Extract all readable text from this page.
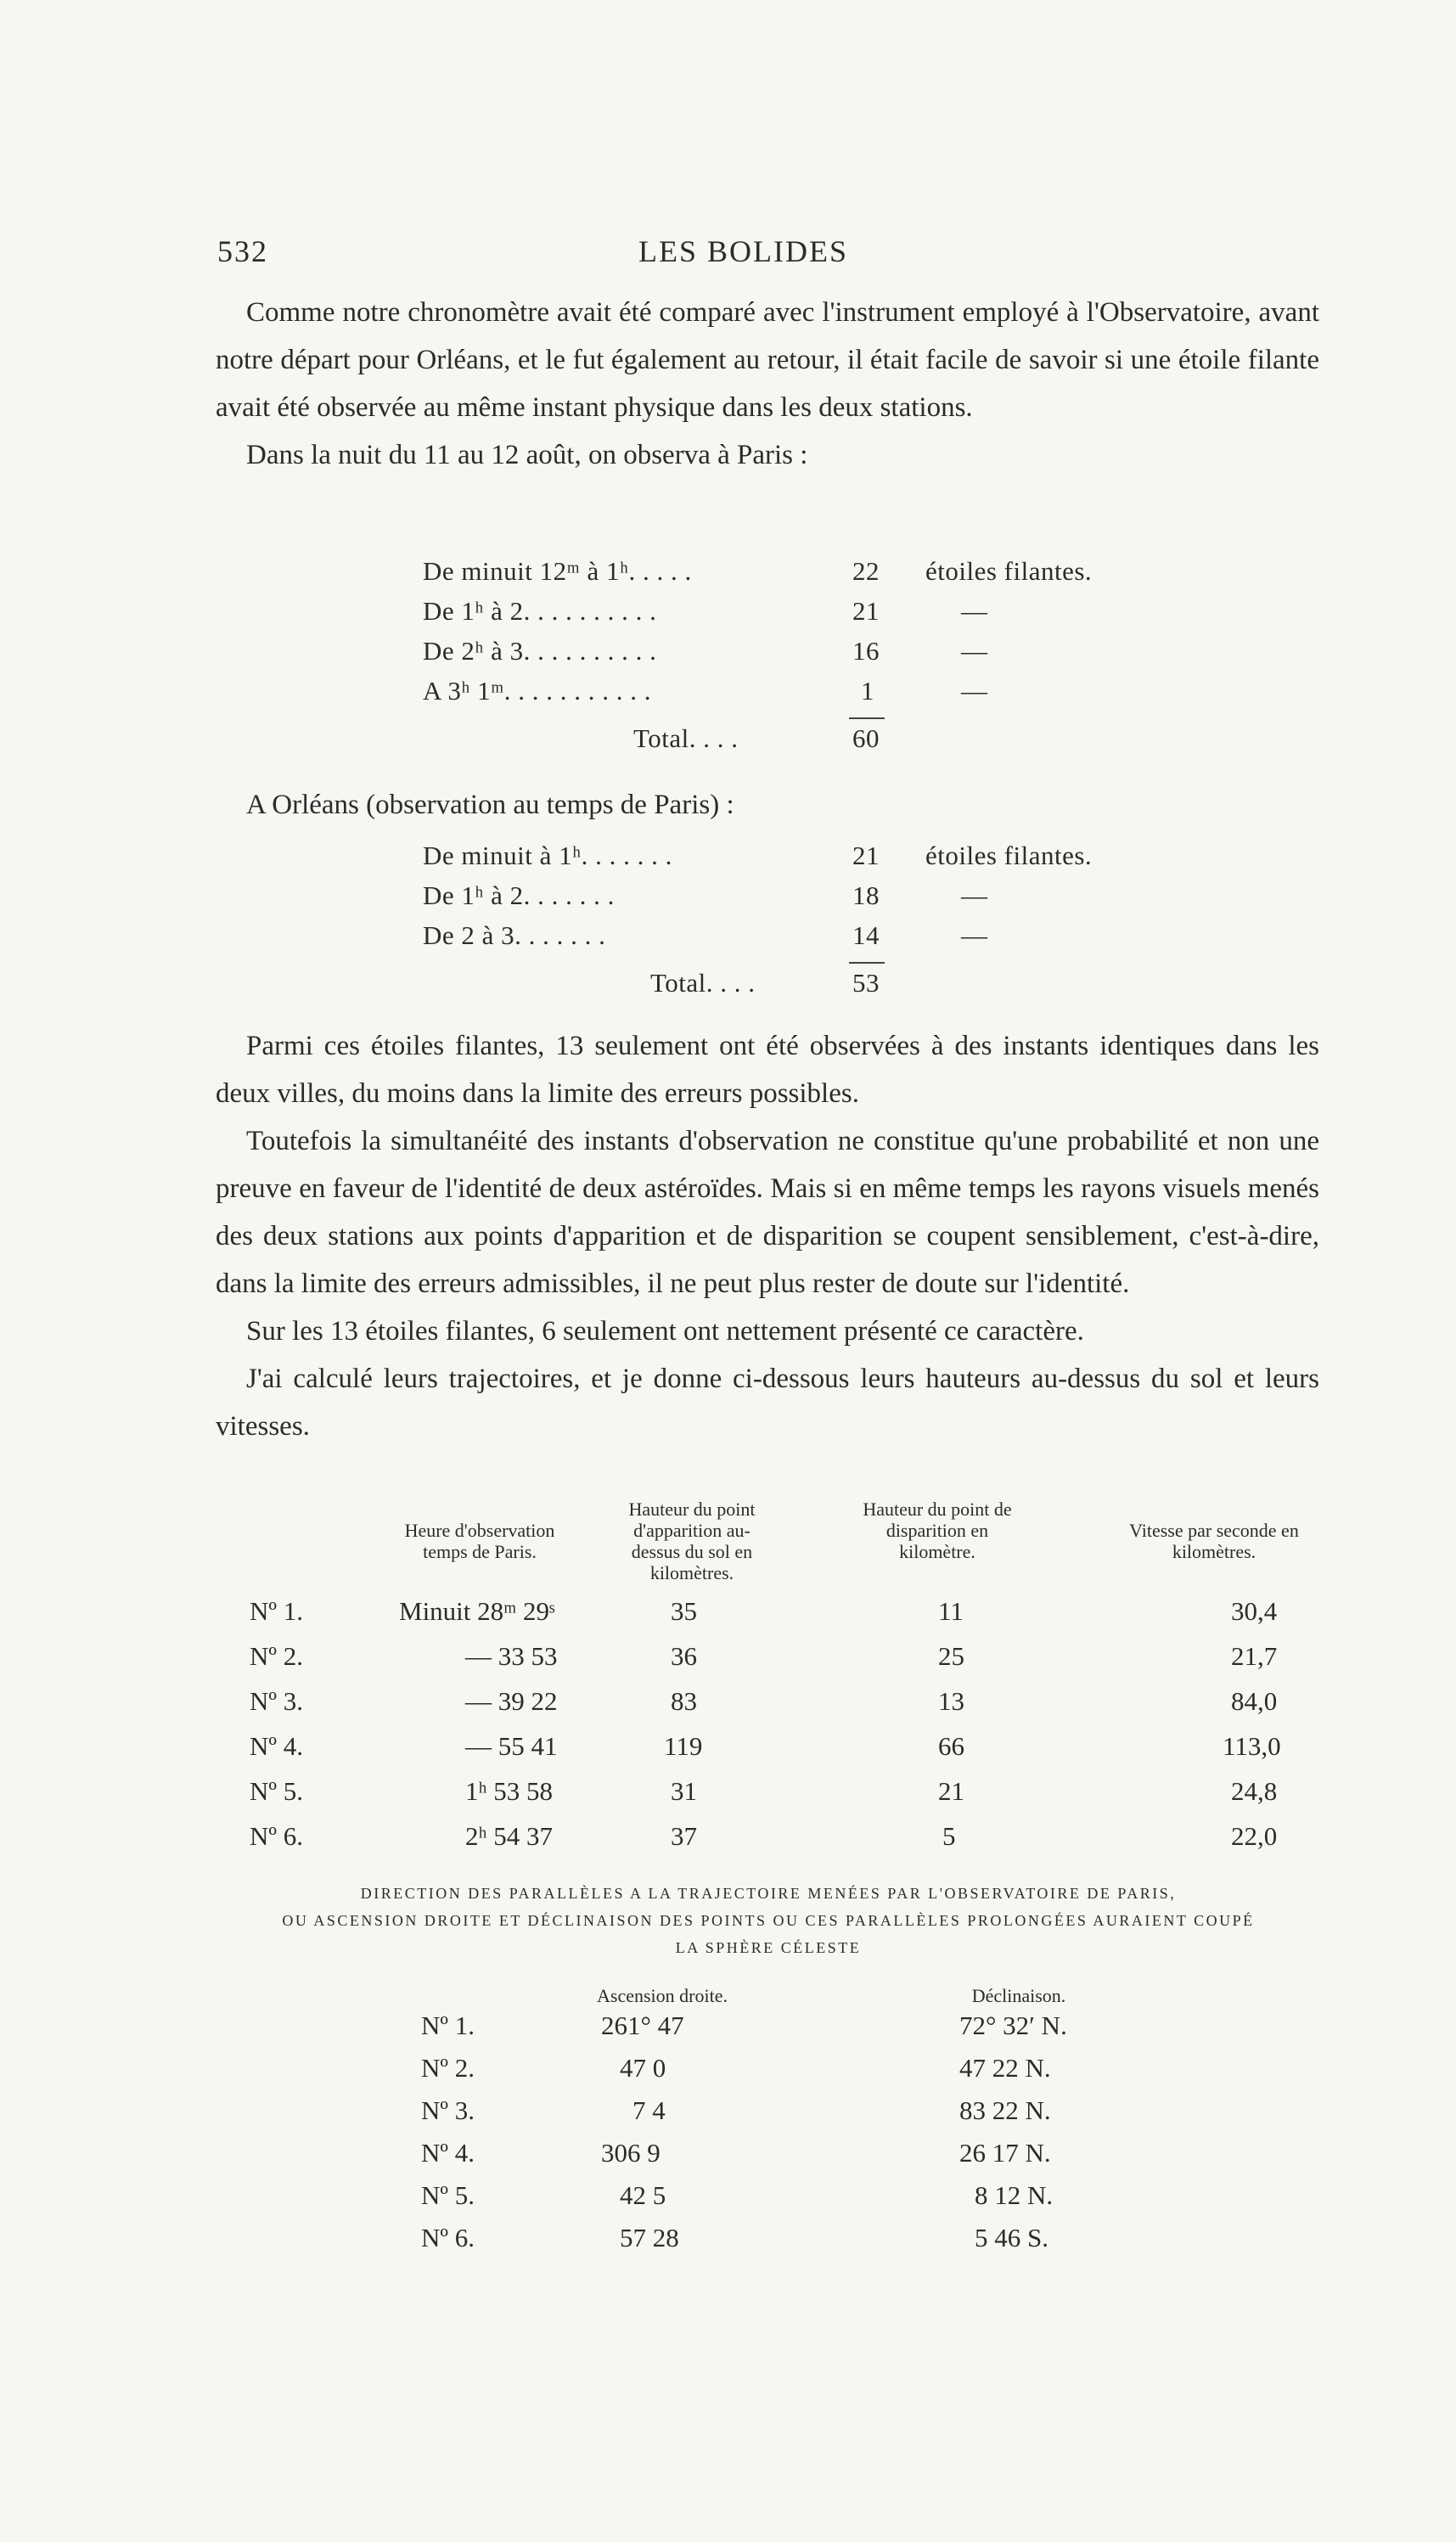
532	LES BOLIDES

Comme notre chronomètre avait été comparé avec l'instrument employé à l'Observatoire, avant notre départ pour Orléans, et le fut également au retour, il était facile de savoir si une étoile filante avait été observée au même instant physique dans les deux stations.

Dans la nuit du 11 au 12 août, on observa à Paris :

De minuit 12ᵐ à 1ʰ. . . . .	22 étoiles filantes.
De 1ʰ à 2. . . . . . . . . .	21	—
De 2ʰ à 3. . . . . . . . . .	16	—
A 3ʰ 1ᵐ. . . . . . . . . . .	1	—
Total. . . .	60

A Orléans (observation au temps de Paris) :

De minuit à 1ʰ. . . . . . .	21 étoiles filantes.
De 1ʰ à 2. . . . . . .	18	—
De 2 à 3. . . . . . .	14	—
Total. . . .	53

Parmi ces étoiles filantes, 13 seulement ont été observées à des instants identiques dans les deux villes, du moins dans la limite des erreurs possibles.

Toutefois la simultanéité des instants d'observation ne constitue qu'une probabilité et non une preuve en faveur de l'identité de deux astéroïdes. Mais si en même temps les rayons visuels menés des deux stations aux points d'apparition et de disparition se coupent sensiblement, c'est-à-dire, dans la limite des erreurs admissibles, il ne peut plus rester de doute sur l'identité.

Sur les 13 étoiles filantes, 6 seulement ont nettement présenté ce caractère.

J'ai calculé leurs trajectoires, et je donne ci-dessous leurs hauteurs au-dessus du sol et leurs vitesses.

Heure d'observation temps de Paris.
Hauteur du point d'apparition au-dessus du sol en kilomètres.
Hauteur du point de disparition en kilomètre.
Vitesse par seconde en kilomètres.
Nº 1.	Minuit 28ᵐ 29ˢ	35	11	30,4
Nº 2.	— 33 53	36	25	21,7
Nº 3.	— 39 22	83	13	84,0
Nº 4.	— 55 41	119	66	113,0
Nº 5.	1ʰ 53 58	31	21	24,8
Nº 6.	2ʰ 54 37	37	5	22,0
DIRECTION DES PARALLÈLES A LA TRAJECTOIRE MENÉES PAR L'OBSERVATOIRE DE PARIS,
OU ASCENSION DROITE ET DÉCLINAISON DES POINTS OU CES PARALLÈLES PROLONGÉES AURAIENT COUPÉ
LA SPHÈRE CÉLESTE
Ascension droite.	Déclinaison.
Nº 1.	261° 47	72° 32′ N.
Nº 2.	47 0	47 22 N.
Nº 3.	7 4	83 22 N.
Nº 4.	306 9	26 17 N.
Nº 5.	42 5	8 12 N.
Nº 6.	57 28	5 46 S.
